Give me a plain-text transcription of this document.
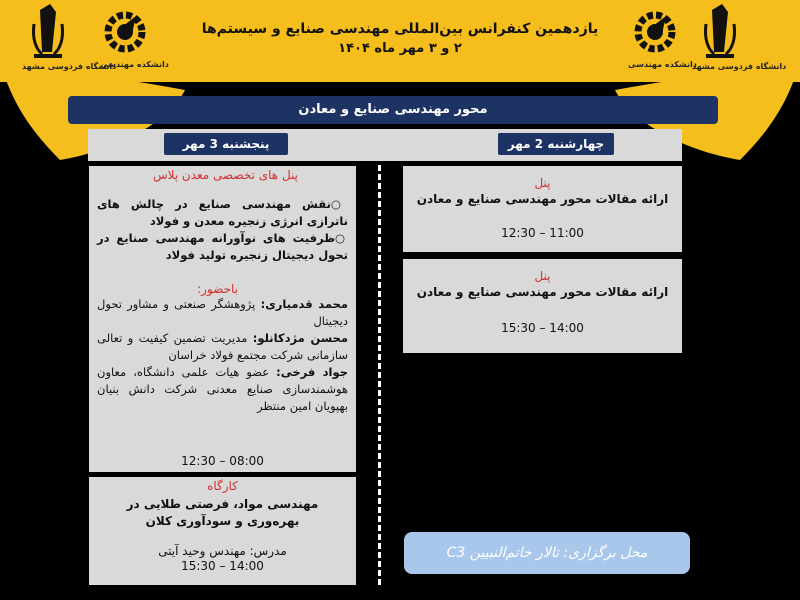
دانشگاه فردوسی مشهد
دانشکده مهندسی	دانشکده مهندسی
دانشگاه فردوسی مشهد
یازدهمین کنفرانس بین‌المللی مهندسی صنایع و سیستم‌ها
۲ و ۳ مهر ماه ۱۴۰۴
محور مهندسی صنایع و معادن
پنجشنبه 3 مهر	چهارشنبه 2 مهر
پنل
ارائه مقالات محور مهندسی صنایع و معادن
12:30 – 11:00
پنل
ارائه مقالات محور مهندسی صنایع و معادن
15:30 – 14:00
پنل های تخصصی معدن پلاس
○نقش مهندسی صنایع در چالش های ناترازی انرژی زنجیره معدن و فولاد
○ظرفیت های نوآورانه مهندسی صنایع در تحول دیجیتال زنجیره تولید فولاد
باحضور:
محمد قدمیاری: پژوهشگر صنعتی و مشاور تحول دیجیتال
محسن مژدکانلو: مدیریت تضمین کیفیت و تعالی سازمانی شرکت مجتمع فولاد خراسان
جواد فرخی: عضو هیات علمی دانشگاه، معاون هوشمندسازی صنایع معدنی شرکت دانش بنیان بهپویان امین منتظر
12:30 – 08:00
کارگاه
مهندسی مواد، فرصتی طلایی در بهره‌وری و سودآوری کلان
مدرس: مهندس وحید آیتی
15:30 – 14:00
محل برگزاری: تالار خاتم‌النبیین C3
